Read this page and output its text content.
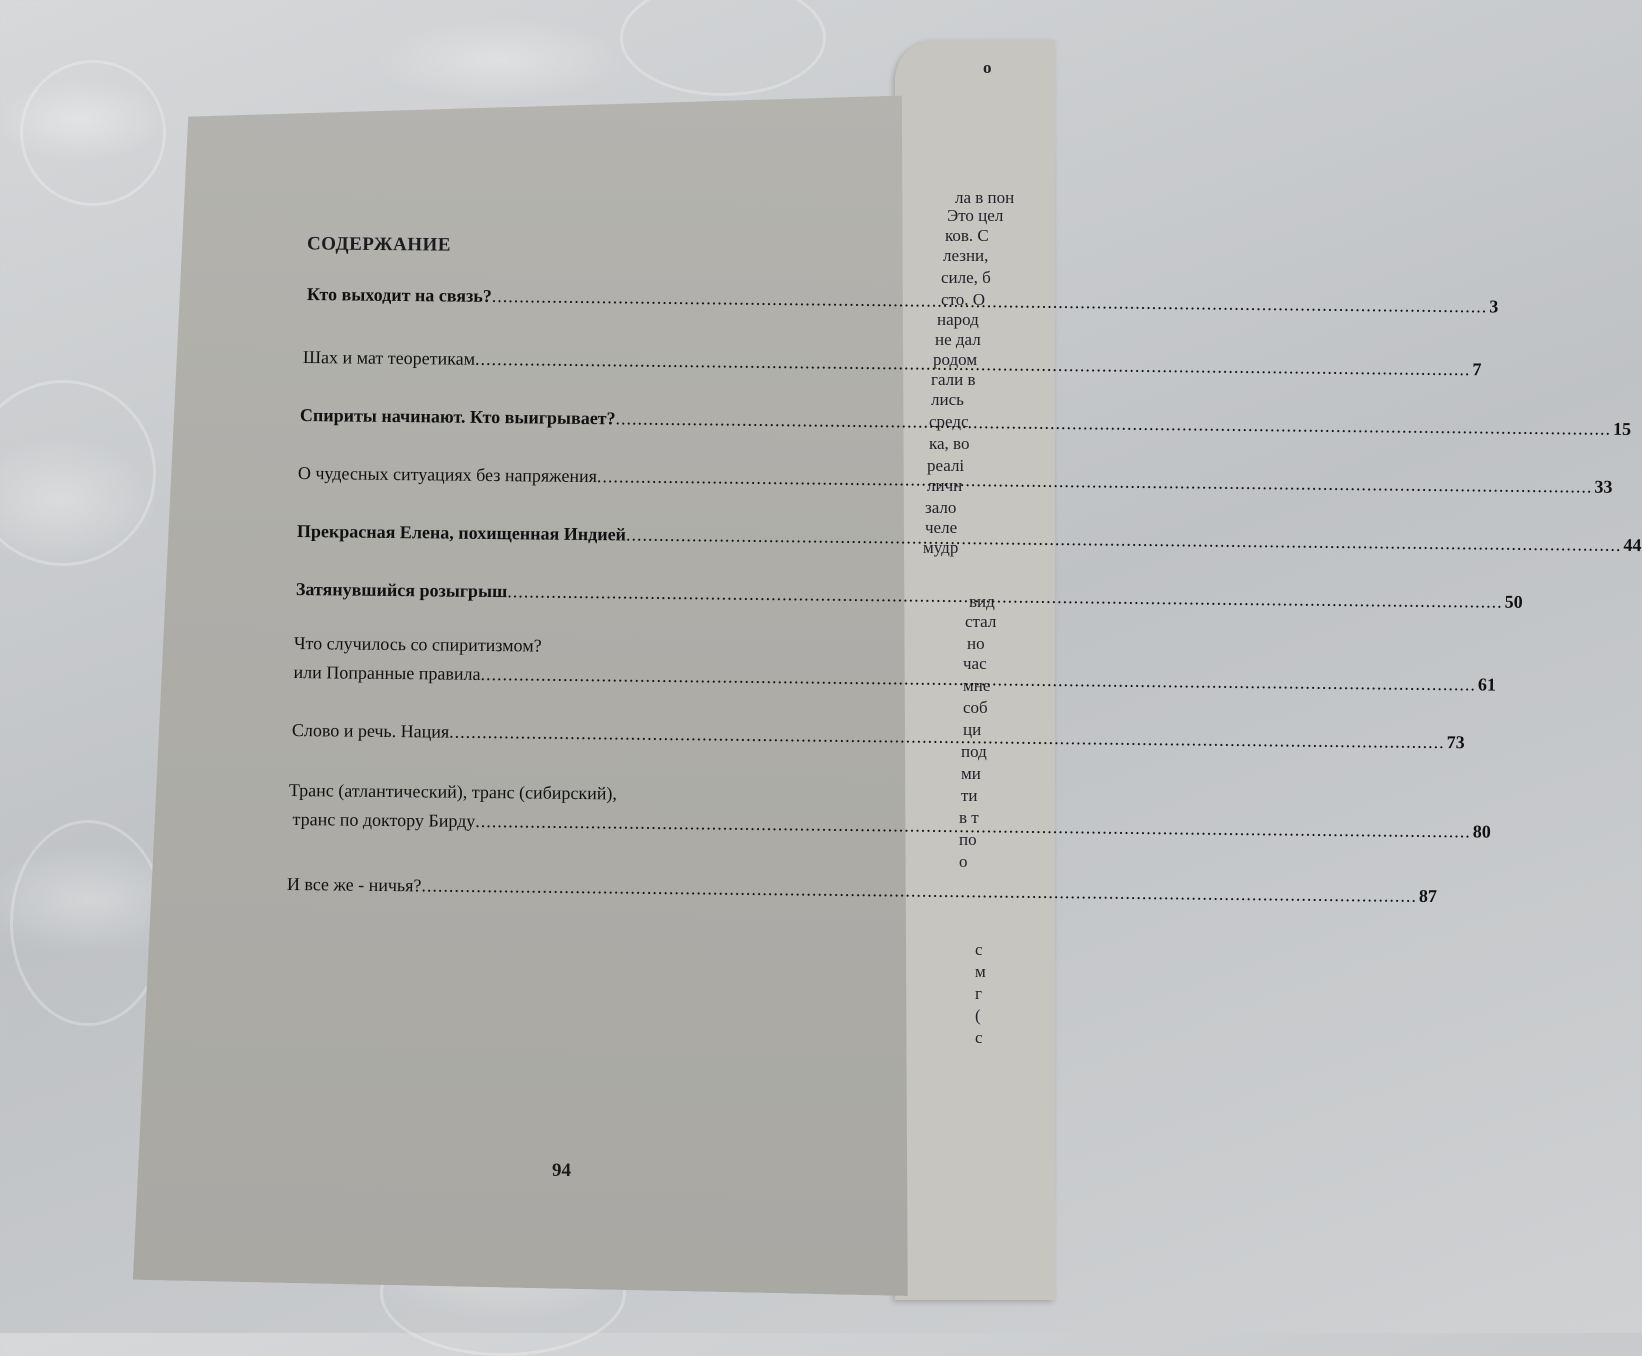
о
ла в пон
Это цел
ков. С
лезни,
силе, б
сто. О
народ
не дал
родом
гали в
лись
средс
ка, во
реалі
личн
зало
челе
мудр
вид
стал
но
час
мне
соб
ци
под
ми
ти
в т
по
о
с
м
г
(
с
СОДЕРЖАНИЕ
Кто выходит на связь?
.....
3
Шах и мат теоретикам
.....
7
Спириты начинают. Кто выигрывает?
.....
15
О чудесных ситуациях без напряжения
.....
33
Прекрасная Елена, похищенная Индией
.....
44
Затянувшийся розыгрыш
.....
50
Что случилось со спиритизмом?
или Попранные правила
.....
61
Слово и речь. Нация
.....
73
Транс (атлантический), транс (сибирский),
транс по доктору Бирду
.....
80
И все же - ничья?
.....
87
94
